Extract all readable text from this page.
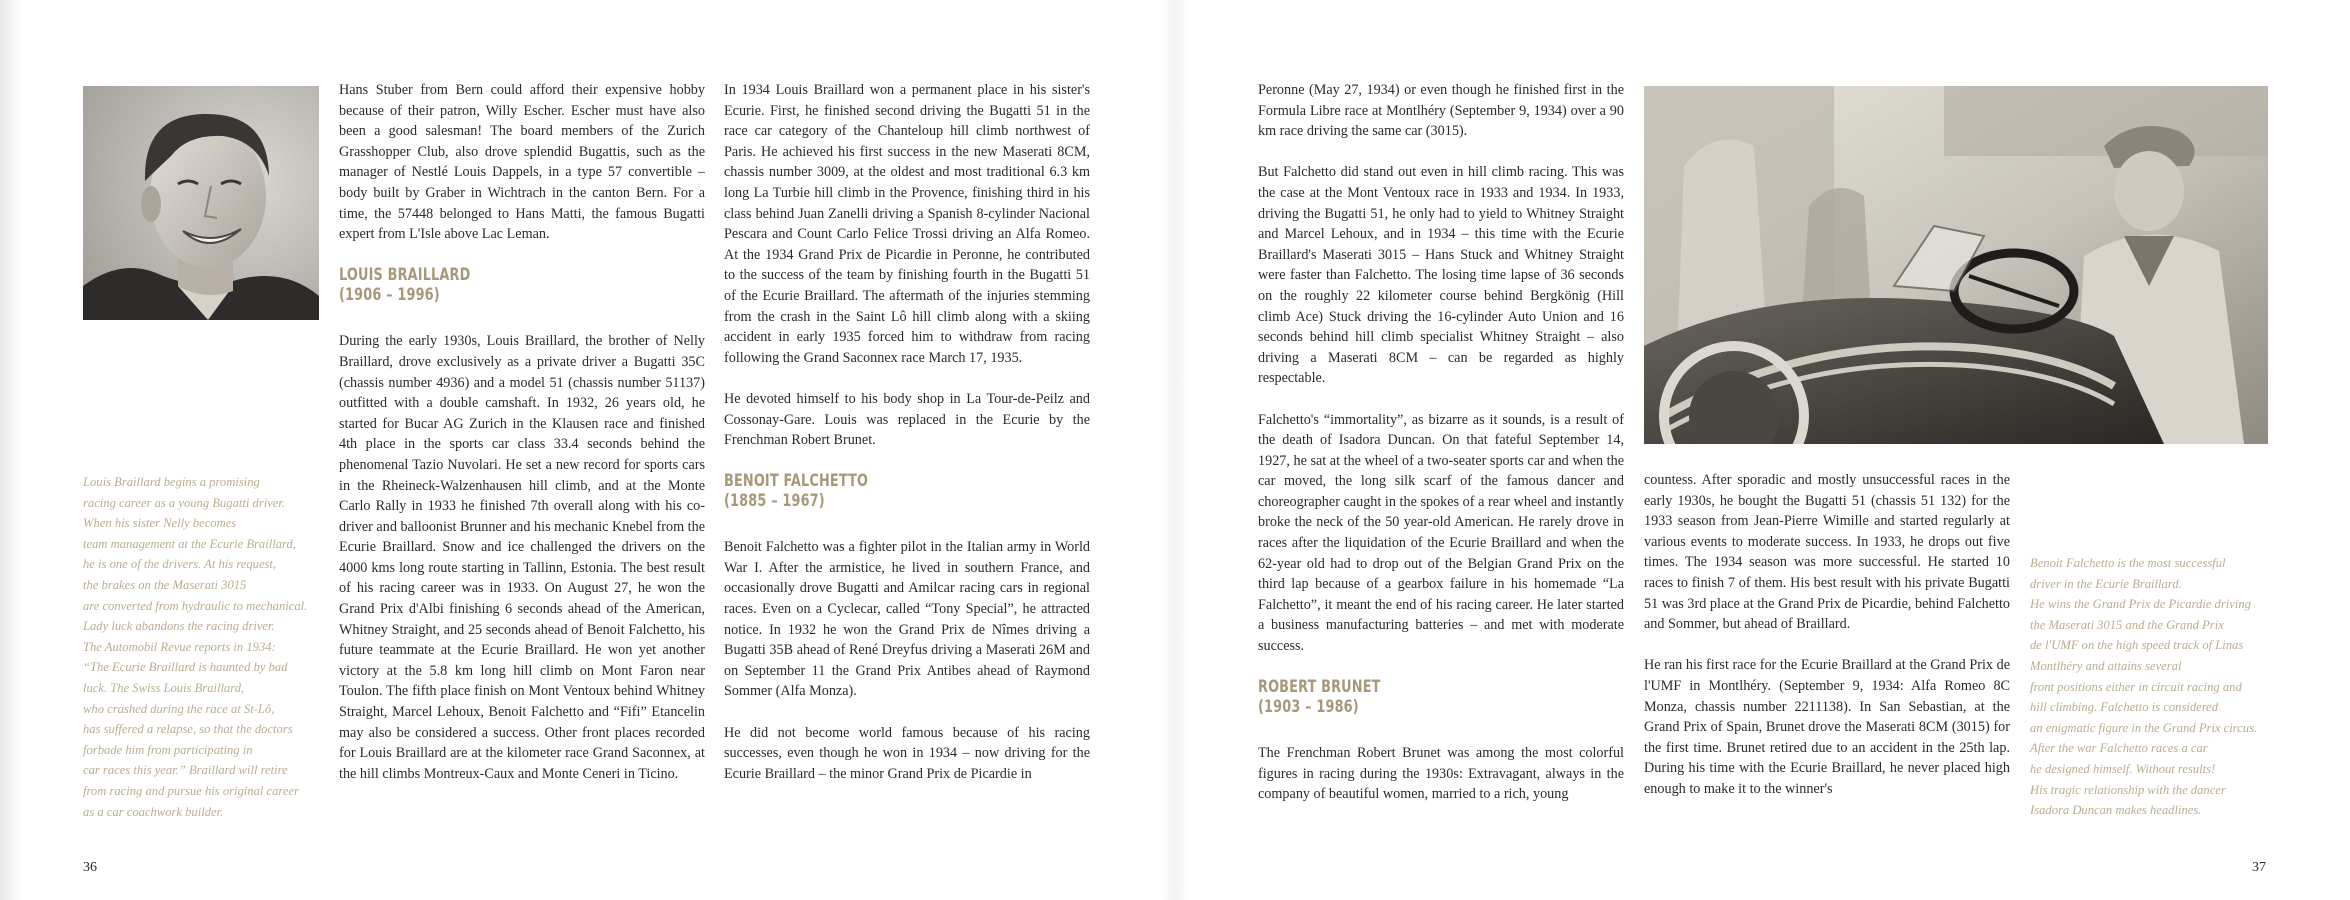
Louis Braillard begins a promising
racing career as a young Bugatti driver.
When his sister Nelly becomes
team management at the Ecurie Braillard,
he is one of the drivers. At his request,
the brakes on the Maserati 3015
are converted from hydraulic to mechanical.
Lady luck abandons the racing driver.
The Automobil Revue reports in 1934:
“The Ecurie Braillard is haunted by bad
luck. The Swiss Louis Braillard,
who crashed during the race at St-Lô,
has suffered a relapse, so that the doctors
forbade him from participating in
car races this year.” Braillard will retire
from racing and pursue his original career
as a car coachwork builder.

Hans Stuber from Bern could afford their expensive hobby because of their patron, Willy Escher. Escher must have also been a good salesman! The board members of the Zurich Grasshopper Club, also drove splendid Bugattis, such as the manager of Nestlé Louis Dappels, in a type 57 convertible – body built by Graber in Wichtrach in the canton Bern. For a time, the 57448 belonged to Hans Matti, the famous Bugatti expert from L'Isle above Lac Leman.

LOUIS BRAILLARD
(1906 – 1996)

During the early 1930s, Louis Braillard, the brother of Nelly Braillard, drove exclusively as a private driver a Bugatti 35C (chassis number 4936) and a model 51 (chassis number 51137) outfitted with a double camshaft. In 1932, 26 years old, he started for Bucar AG Zurich in the Klausen race and finished 4th place in the sports car class 33.4 seconds behind the phenomenal Tazio Nuvolari. He set a new record for sports cars in the Rheineck-Walzenhausen hill climb, and at the Monte Carlo Rally in 1933 he finished 7th overall along with his co-driver and balloonist Brunner and his mechanic Knebel from the Ecurie Braillard. Snow and ice challenged the drivers on the 4000 kms long route starting in Tallinn, Estonia. The best result of his racing career was in 1933. On August 27, he won the Grand Prix d'Albi finishing 6 seconds ahead of the American, Whitney Straight, and 25 seconds ahead of Benoit Falchetto, his future teammate at the Ecurie Braillard. He won yet another victory at the 5.8 km long hill climb on Mont Faron near Toulon. The fifth place finish on Mont Ventoux behind Whitney Straight, Marcel Lehoux, Benoit Falchetto and “Fifi” Etancelin may also be considered a success. Other front places recorded for Louis Braillard are at the kilometer race Grand Saconnex, at the hill climbs Montreux-Caux and Monte Ceneri in Ticino.

In 1934 Louis Braillard won a permanent place in his sister's Ecurie. First, he finished second driving the Bugatti 51 in the race car category of the Chanteloup hill climb northwest of Paris. He achieved his first success in the new Maserati 8CM, chassis number 3009, at the oldest and most traditional 6.3 km long La Turbie hill climb in the Provence, finishing third in his class behind Juan Zanelli driving a Spanish 8-cylinder Nacional Pescara and Count Carlo Felice Trossi driving an Alfa Romeo. At the 1934 Grand Prix de Picardie in Peronne, he contributed to the success of the team by finishing fourth in the Bugatti 51 of the Ecurie Braillard. The aftermath of the injuries stemming from the crash in the Saint Lô hill climb along with a skiing accident in early 1935 forced him to withdraw from racing following the Grand Saconnex race March 17, 1935.

He devoted himself to his body shop in La Tour-de-Peilz and Cossonay-Gare. Louis was replaced in the Ecurie by the Frenchman Robert Brunet.

BENOIT FALCHETTO
(1885 – 1967)

Benoit Falchetto was a fighter pilot in the Italian army in World War I. After the armistice, he lived in southern France, and occasionally drove Bugatti and Amilcar racing cars in regional races. Even on a Cyclecar, called “Tony Special”, he attracted notice. In 1932 he won the Grand Prix de Nîmes driving a Bugatti 35B ahead of René Dreyfus driving a Maserati 26M and on September 11 the Grand Prix Antibes ahead of Raymond Sommer (Alfa Monza).

He did not become world famous because of his racing successes, even though he won in 1934 – now driving for the Ecurie Braillard – the minor Grand Prix de Picardie in

36

Peronne (May 27, 1934) or even though he finished first in the Formula Libre race at Montlhéry (September 9, 1934) over a 90 km race driving the same car (3015).

But Falchetto did stand out even in hill climb racing. This was the case at the Mont Ventoux race in 1933 and 1934. In 1933, driving the Bugatti 51, he only had to yield to Whitney Straight and Marcel Lehoux, and in 1934 – this time with the Ecurie Braillard's Maserati 3015 – Hans Stuck and Whitney Straight were faster than Falchetto. The losing time lapse of 36 seconds on the roughly 22 kilometer course behind Bergkönig (Hill climb Ace) Stuck driving the 16-cylinder Auto Union and 16 seconds behind hill climb specialist Whitney Straight – also driving a Maserati 8CM – can be regarded as highly respectable.

Falchetto's “immortality”, as bizarre as it sounds, is a result of the death of Isadora Duncan. On that fateful September 14, 1927, he sat at the wheel of a two-seater sports car and when the car moved, the long silk scarf of the famous dancer and choreographer caught in the spokes of a rear wheel and instantly broke the neck of the 50 year-old American. He rarely drove in races after the liquidation of the Ecurie Braillard and when the 62-year old had to drop out of the Belgian Grand Prix on the third lap because of a gearbox failure in his homemade “La Falchetto”, it meant the end of his racing career. He later started a business manufacturing batteries – and met with moderate success.

ROBERT BRUNET
(1903 – 1986)

The Frenchman Robert Brunet was among the most colorful figures in racing during the 1930s: Extravagant, always in the company of beautiful women, married to a rich, young

countess. After sporadic and mostly unsuccessful races in the early 1930s, he bought the Bugatti 51 (chassis 51 132) for the 1933 season from Jean-Pierre Wimille and started regularly at various events to moderate success. In 1933, he drops out five times. The 1934 season was more successful. He started 10 races to finish 7 of them. His best result with his private Bugatti 51 was 3rd place at the Grand Prix de Picardie, behind Falchetto and Sommer, but ahead of Braillard.

He ran his first race for the Ecurie Braillard at the Grand Prix de l'UMF in Montlhéry. (September 9, 1934: Alfa Romeo 8C Monza, chassis number 2211138). In San Sebastian, at the Grand Prix of Spain, Brunet drove the Maserati 8CM (3015) for the first time. Brunet retired due to an accident in the 25th lap. During his time with the Ecurie Braillard, he never placed high enough to make it to the winner's

Benoit Falchetto is the most successful
driver in the Ecurie Braillard.
He wins the Grand Prix de Picardie driving
the Maserati 3015 and the Grand Prix
de l'UMF on the high speed track of Linas
Montlhéry and attains several
front positions either in circuit racing and
hill climbing. Falchetto is considered
an enigmatic figure in the Grand Prix circus.
After the war Falchetto races a car
he designed himself. Without results!
His tragic relationship with the dancer
Isadora Duncan makes headlines.
37
